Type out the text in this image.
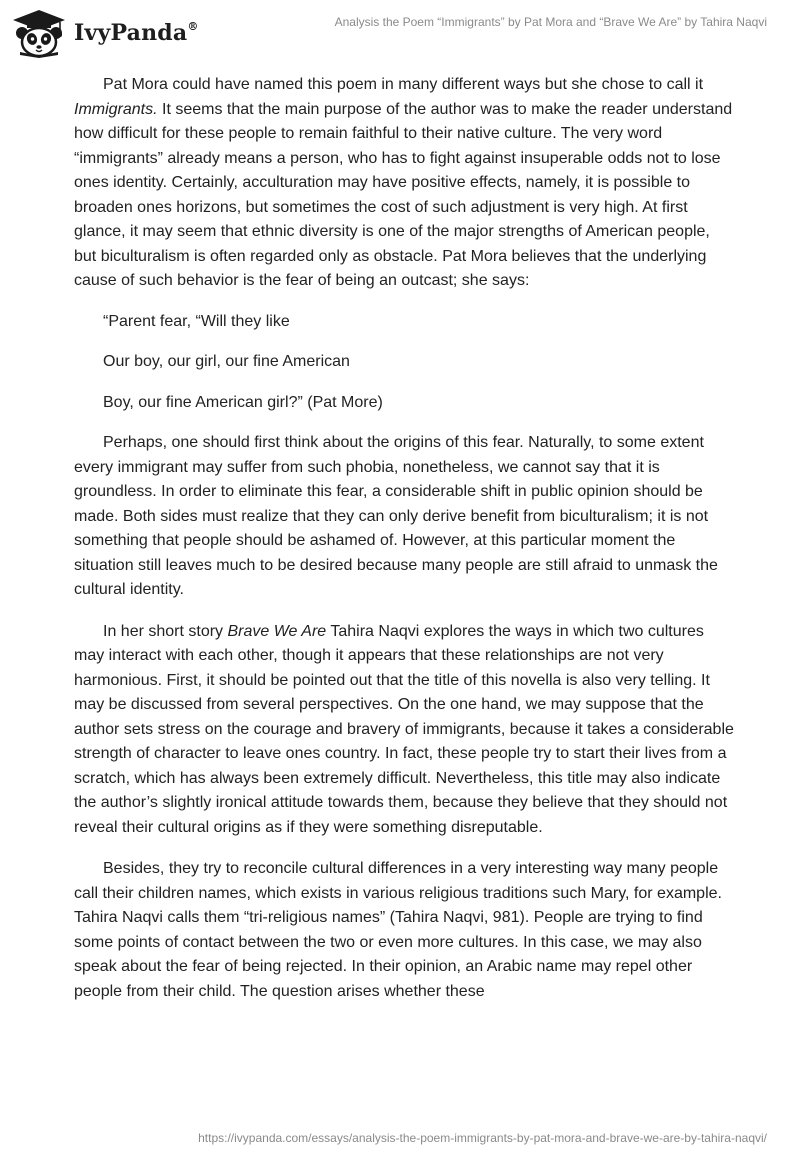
IvyPanda®	Analysis the Poem “Immigrants” by Pat Mora and “Brave We Are” by Tahira Naqvi

Pat Mora could have named this poem in many different ways but she chose to call it Immigrants. It seems that the main purpose of the author was to make the reader understand how difficult for these people to remain faithful to their native culture. The very word “immigrants” already means a person, who has to fight against insuperable odds not to lose ones identity. Certainly, acculturation may have positive effects, namely, it is possible to broaden ones horizons, but sometimes the cost of such adjustment is very high. At first glance, it may seem that ethnic diversity is one of the major strengths of American people, but biculturalism is often regarded only as obstacle. Pat Mora believes that the underlying cause of such behavior is the fear of being an outcast; she says:

“Parent fear, “Will they like

Our boy, our girl, our fine American

Boy, our fine American girl?” (Pat More)

Perhaps, one should first think about the origins of this fear. Naturally, to some extent every immigrant may suffer from such phobia, nonetheless, we cannot say that it is groundless. In order to eliminate this fear, a considerable shift in public opinion should be made. Both sides must realize that they can only derive benefit from biculturalism; it is not something that people should be ashamed of. However, at this particular moment the situation still leaves much to be desired because many people are still afraid to unmask the cultural identity.

In her short story Brave We Are Tahira Naqvi explores the ways in which two cultures may interact with each other, though it appears that these relationships are not very harmonious. First, it should be pointed out that the title of this novella is also very telling. It may be discussed from several perspectives. On the one hand, we may suppose that the author sets stress on the courage and bravery of immigrants, because it takes a considerable strength of character to leave ones country. In fact, these people try to start their lives from a scratch, which has always been extremely difficult. Nevertheless, this title may also indicate the author’s slightly ironical attitude towards them, because they believe that they should not reveal their cultural origins as if they were something disreputable.

Besides, they try to reconcile cultural differences in a very interesting way many people call their children names, which exists in various religious traditions such Mary, for example. Tahira Naqvi calls them “tri-religious names” (Tahira Naqvi, 981). People are trying to find some points of contact between the two or even more cultures. In this case, we may also speak about the fear of being rejected. In their opinion, an Arabic name may repel other people from their child. The question arises whether these

https://ivypanda.com/essays/analysis-the-poem-immigrants-by-pat-mora-and-brave-we-are-by-tahira-naqvi/
